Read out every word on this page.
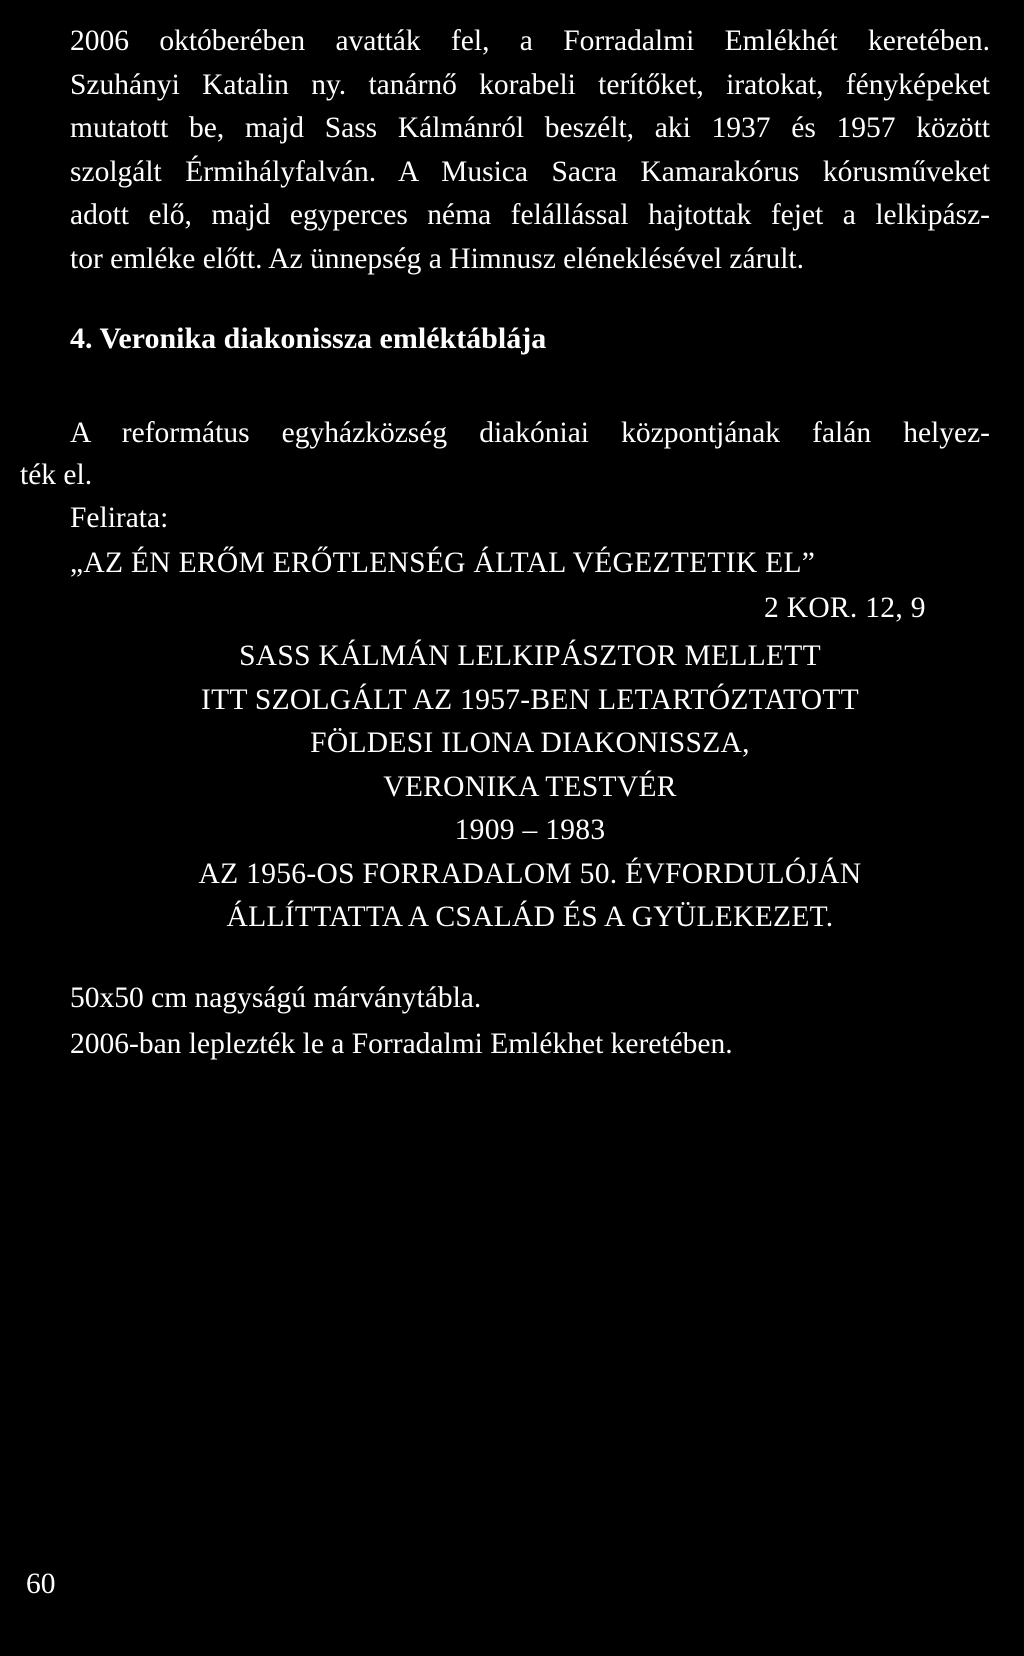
2006 októberében avatták fel, a Forradalmi Emlékhét keretében.
Szuhányi Katalin ny. tanárnő korabeli terítőket, iratokat, fényképeket
mutatott be, majd Sass Kálmánról beszélt, aki 1937 és 1957 között
szolgált Érmihályfalván. A Musica Sacra Kamarakórus kórusműveket
adott elő, majd egyperces néma felállással hajtottak fejet a lelkipász-
tor emléke előtt. Az ünnepség a Himnusz eléneklésével zárult.
4. Veronika diakonissza emléktáblája
A református egyházközség diakóniai központjának falán helyez-
ték el.

Felirata:

„AZ ÉN ERŐM ERŐTLENSÉG ÁLTAL VÉGEZTETIK EL”

2 KOR. 12, 9

SASS KÁLMÁN LELKIPÁSZTOR MELLETT
ITT SZOLGÁLT AZ 1957-BEN LETARTÓZTATOTT
FÖLDESI ILONA DIAKONISSZA,
VERONIKA TESTVÉR
1909 – 1983
AZ 1956-OS FORRADALOM 50. ÉVFORDULÓJÁN
ÁLLÍTTATTA A CSALÁD ÉS A GYÜLEKEZET.

50x50 cm nagyságú márványtábla.

2006-ban leplezték le a Forradalmi Emlékhet keretében.

60
